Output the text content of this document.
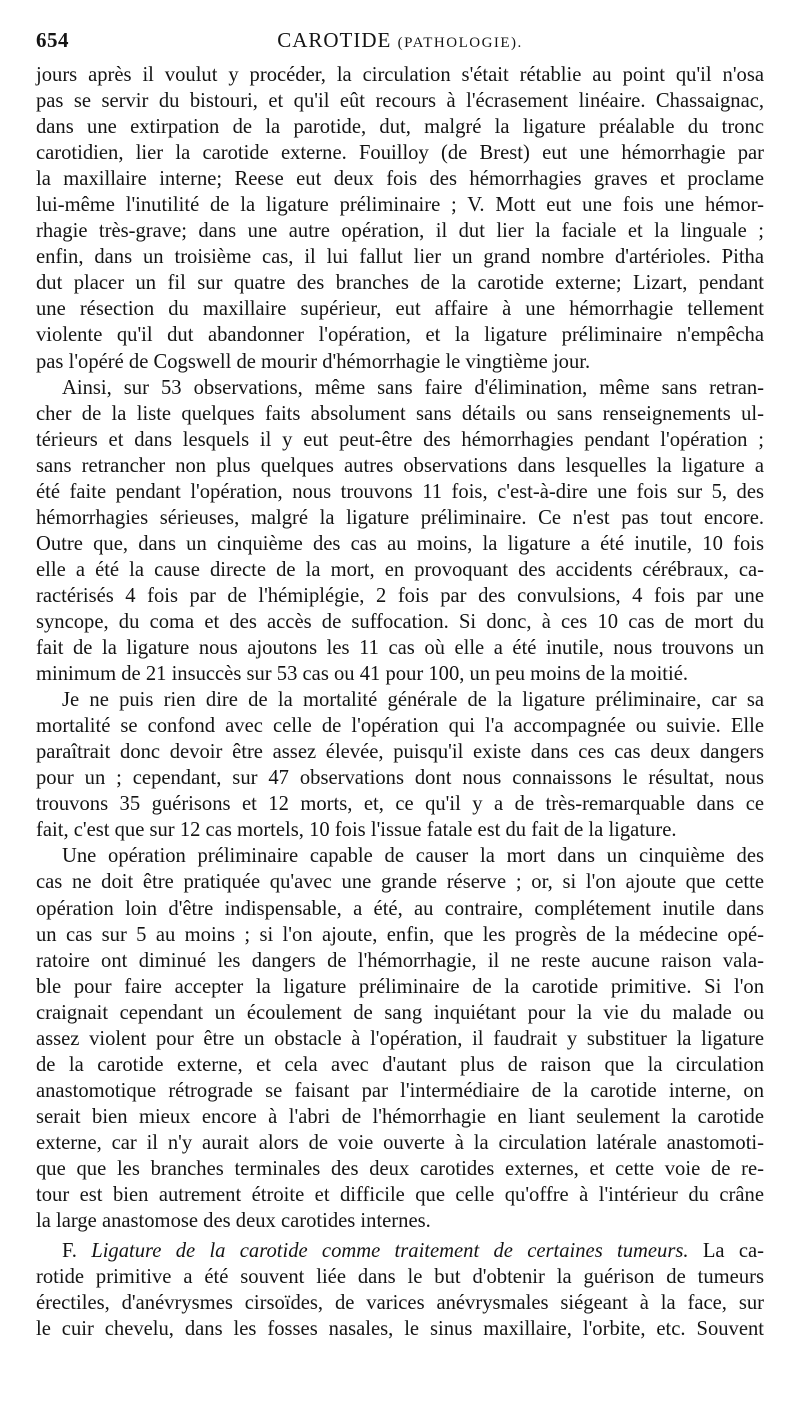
654	CAROTIDE (PATHOLOGIE).
jours après il voulut y procéder, la circulation s'était rétablie au point qu'il n'osa
pas se servir du bistouri, et qu'il eût recours à l'écrasement linéaire. Chassaignac,
dans une extirpation de la parotide, dut, malgré la ligature préalable du tronc
carotidien, lier la carotide externe. Fouilloy (de Brest) eut une hémorrhagie par
la maxillaire interne; Reese eut deux fois des hémorrhagies graves et proclame
lui-même l'inutilité de la ligature préliminaire ; V. Mott eut une fois une hémor-
rhagie très-grave; dans une autre opération, il dut lier la faciale et la linguale ;
enfin, dans un troisième cas, il lui fallut lier un grand nombre d'artérioles. Pitha
dut placer un fil sur quatre des branches de la carotide externe; Lizart, pendant
une résection du maxillaire supérieur, eut affaire à une hémorrhagie tellement
violente qu'il dut abandonner l'opération, et la ligature préliminaire n'empêcha
pas l'opéré de Cogswell de mourir d'hémorrhagie le vingtième jour.
Ainsi, sur 53 observations, même sans faire d'élimination, même sans retran-
cher de la liste quelques faits absolument sans détails ou sans renseignements ul-
térieurs et dans lesquels il y eut peut-être des hémorrhagies pendant l'opération ;
sans retrancher non plus quelques autres observations dans lesquelles la ligature a
été faite pendant l'opération, nous trouvons 11 fois, c'est-à-dire une fois sur 5, des
hémorrhagies sérieuses, malgré la ligature préliminaire. Ce n'est pas tout encore.
Outre que, dans un cinquième des cas au moins, la ligature a été inutile, 10 fois
elle a été la cause directe de la mort, en provoquant des accidents cérébraux, ca-
ractérisés 4 fois par de l'hémiplégie, 2 fois par des convulsions, 4 fois par une
syncope, du coma et des accès de suffocation. Si donc, à ces 10 cas de mort du
fait de la ligature nous ajoutons les 11 cas où elle a été inutile, nous trouvons un
minimum de 21 insuccès sur 53 cas ou 41 pour 100, un peu moins de la moitié.
Je ne puis rien dire de la mortalité générale de la ligature préliminaire, car sa
mortalité se confond avec celle de l'opération qui l'a accompagnée ou suivie. Elle
paraîtrait donc devoir être assez élevée, puisqu'il existe dans ces cas deux dangers
pour un ; cependant, sur 47 observations dont nous connaissons le résultat, nous
trouvons 35 guérisons et 12 morts, et, ce qu'il y a de très-remarquable dans ce
fait, c'est que sur 12 cas mortels, 10 fois l'issue fatale est du fait de la ligature.
Une opération préliminaire capable de causer la mort dans un cinquième des
cas ne doit être pratiquée qu'avec une grande réserve ; or, si l'on ajoute que cette
opération loin d'être indispensable, a été, au contraire, complétement inutile dans
un cas sur 5 au moins ; si l'on ajoute, enfin, que les progrès de la médecine opé-
ratoire ont diminué les dangers de l'hémorrhagie, il ne reste aucune raison vala-
ble pour faire accepter la ligature préliminaire de la carotide primitive. Si l'on
craignait cependant un écoulement de sang inquiétant pour la vie du malade ou
assez violent pour être un obstacle à l'opération, il faudrait y substituer la ligature
de la carotide externe, et cela avec d'autant plus de raison que la circulation
anastomotique rétrograde se faisant par l'intermédiaire de la carotide interne, on
serait bien mieux encore à l'abri de l'hémorrhagie en liant seulement la carotide
externe, car il n'y aurait alors de voie ouverte à la circulation latérale anastomoti-
que que les branches terminales des deux carotides externes, et cette voie de re-
tour est bien autrement étroite et difficile que celle qu'offre à l'intérieur du crâne
la large anastomose des deux carotides internes.
F. Ligature de la carotide comme traitement de certaines tumeurs. La ca-
rotide primitive a été souvent liée dans le but d'obtenir la guérison de tumeurs
érectiles, d'anévrysmes cirsoïdes, de varices anévrysmales siégeant à la face, sur
le cuir chevelu, dans les fosses nasales, le sinus maxillaire, l'orbite, etc. Souvent
